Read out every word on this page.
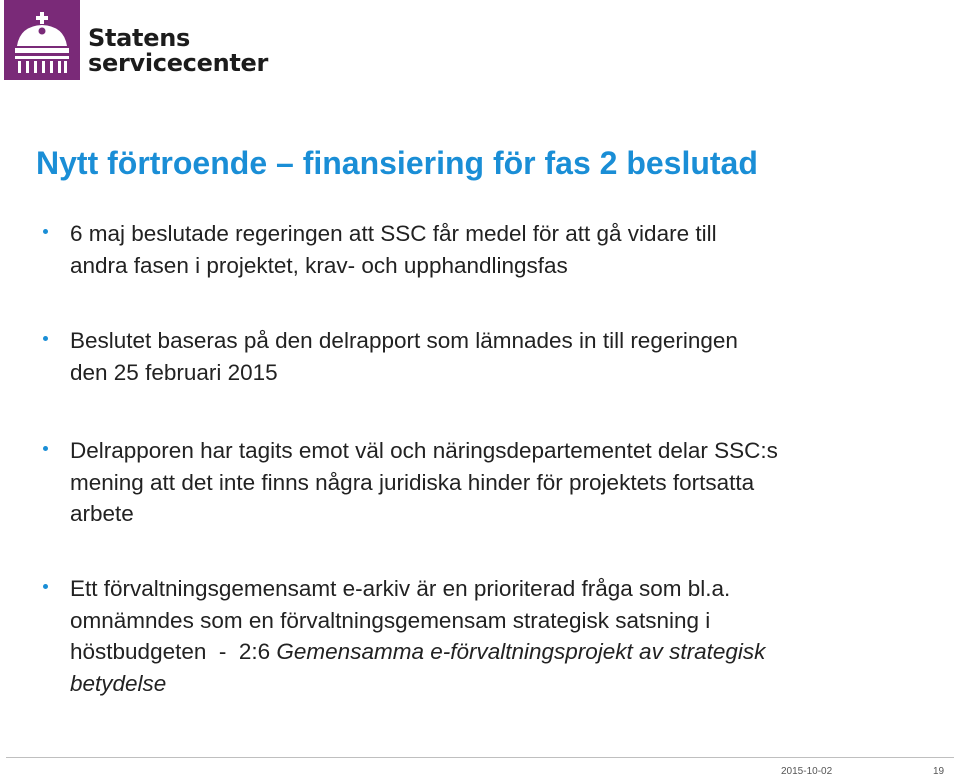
Statens
servicecenter
Nytt förtroende – finansiering för fas 2 beslutad
6 maj beslutade regeringen att SSC får medel för att gå vidare till
andra fasen i projektet, krav- och upphandlingsfas
Beslutet baseras på den delrapport som lämnades in till regeringen
den 25 februari 2015
Delrapporen har tagits emot väl och näringsdepartementet delar SSC:s
mening att det inte finns några juridiska hinder för projektets fortsatta
arbete
Ett förvaltningsgemensamt e-arkiv är en prioriterad fråga som bl.a.
omnämndes som en förvaltningsgemensam strategisk satsning i
höstbudgeten  -  2:6 Gemensamma e-förvaltningsprojekt av strategisk
betydelse
2015-10-02	19
